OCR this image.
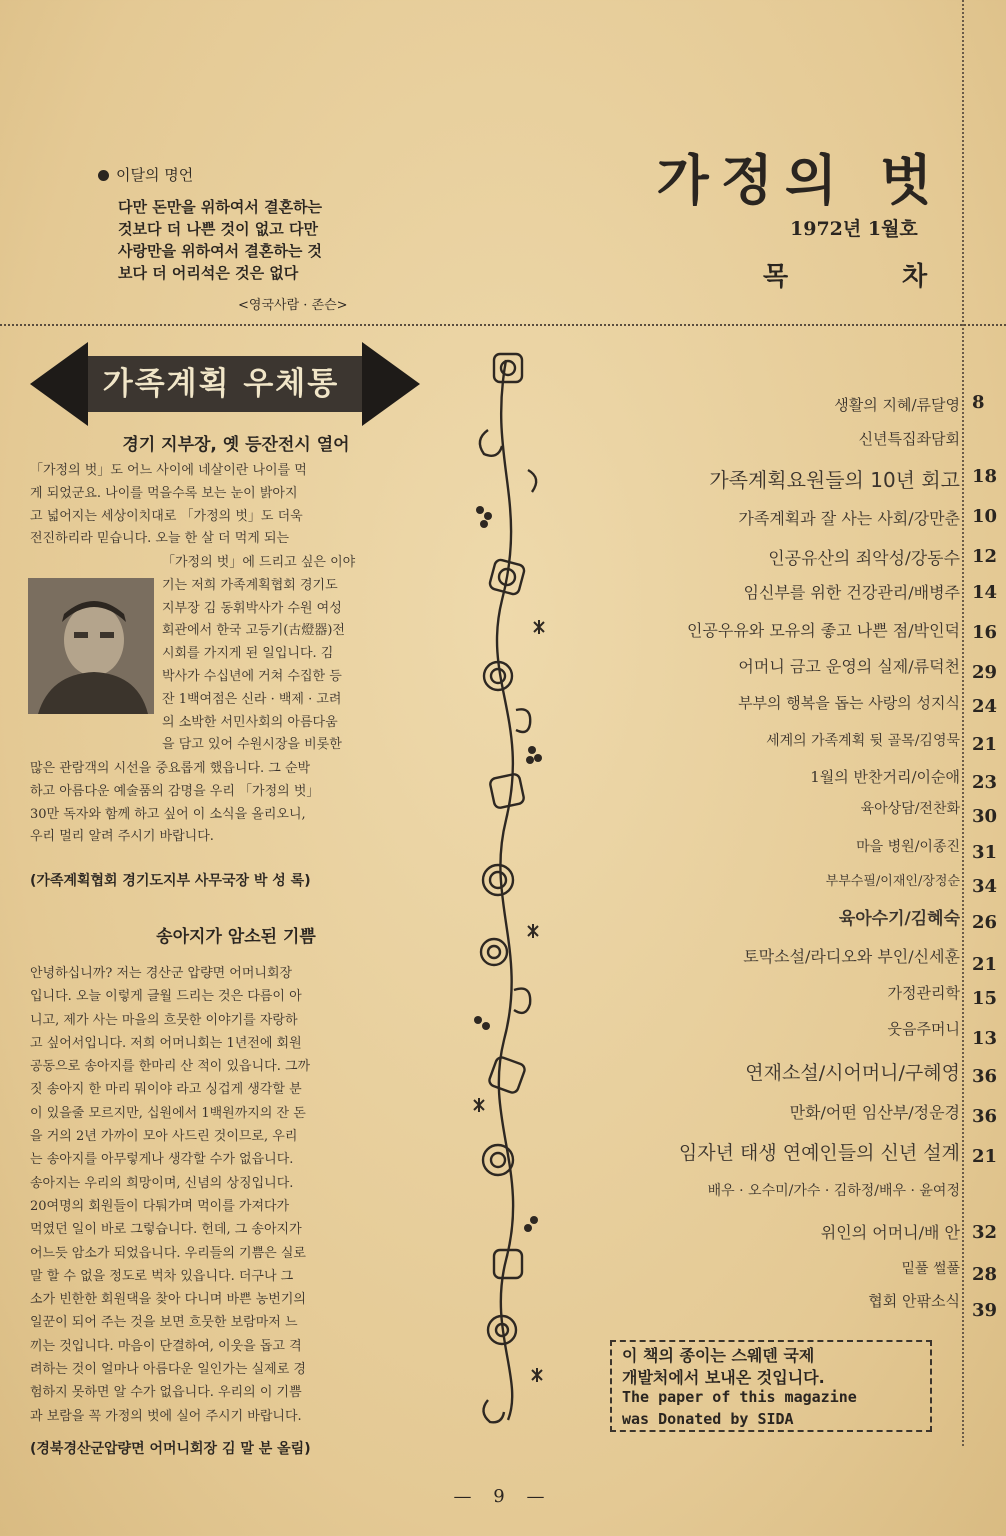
이달의 명언
다만 돈만을 위하여서 결혼하는
것보다 더 나쁜 것이 없고 다만
사랑만을 위하여서 결혼하는 것
보다 더 어리석은 것은 없다
<영국사람 · 존슨>
가정의 벗
1972년 1월호
목	차
가족계획 우체통
경기 지부장, 옛 등잔전시 열어
「가정의 벗」도 어느 사이에 네살이란 나이를 먹
게 되었군요. 나이를 먹을수록 보는 눈이 밝아지
고 넓어지는 세상이치대로 「가정의 벗」도 더욱
전진하리라 믿습니다. 오늘 한 살 더 먹게 되는
「가정의 벗」에 드리고 싶은 이야
기는 저희 가족계획협회 경기도
지부장 김 동휘박사가 수원 여성
회관에서 한국 고등기(古燈器)전
시회를 가지게 된 일입니다. 김
박사가 수십년에 거쳐 수집한 등
잔 1백여점은 신라 · 백제 · 고려
의 소박한 서민사회의 아름다움
을 담고 있어 수원시장을 비롯한
많은 관람객의 시선을 중요롭게 했읍니다. 그 순박
하고 아름다운 예술품의 감명을 우리 「가정의 벗」
30만 독자와 함께 하고 싶어 이 소식을 올리오니,
우리 멀리 알려 주시기 바랍니다.
(가족계획협회 경기도지부 사무국장 박 성 록)
송아지가 암소된 기쁨
안녕하십니까? 저는 경산군 압량면 어머니회장
입니다. 오늘 이렇게 글월 드리는 것은 다름이 아
니고, 제가 사는 마을의 흐뭇한 이야기를 자랑하
고 싶어서입니다. 저희 어머니회는 1년전에 회원
공동으로 송아지를 한마리 산 적이 있읍니다. 그까
짓 송아지 한 마리 뭐이야 라고 싱겁게 생각할 분
이 있을줄 모르지만, 십원에서 1백원까지의 잔 돈
을 거의 2년 가까이 모아 사드린 것이므로, 우리
는 송아지를 아무렇게나 생각할 수가 없읍니다.
송아지는 우리의 희망이며, 신념의 상징입니다.
20여명의 회원들이 다퉈가며 먹이를 가져다가
먹였던 일이 바로 그렇습니다. 헌데, 그 송아지가
어느듯 암소가 되었읍니다. 우리들의 기쁨은 실로
말 할 수 없을 정도로 벅차 있읍니다. 더구나 그
소가 빈한한 회원댁을 찾아 다니며 바쁜 농번기의
일꾼이 되어 주는 것을 보면 흐뭇한 보람마저 느
끼는 것입니다. 마음이 단결하여, 이웃을 돕고 격
려하는 것이 얼마나 아름다운 일인가는 실제로 경
험하지 못하면 알 수가 없읍니다. 우리의 이 기쁨
과 보람을 꼭 가정의 벗에 실어 주시기 바랍니다.
(경북경산군압량면 어머니회장 김 말 분 올림)
생활의 지혜/류달영 8
신년특집좌담회
가족계획요원들의 10년 회고 18
가족계획과 잘 사는 사회/강만춘 10
인공유산의 죄악성/강동수 12
임신부를 위한 건강관리/배병주 14
인공우유와 모유의 좋고 나쁜 점/박인덕 16
어머니 금고 운영의 실제/류덕천 29
부부의 행복을 돕는 사랑의 성지식 24
세계의 가족계획 뒷 골목/김영묵 21
1월의 반찬거리/이순애 23
육아상담/전찬화 30
마을 병원/이종진 31
부부수필/이재인/장정순 34
육아수기/김혜숙 26
토막소설/라디오와 부인/신세훈 21
가정관리학 15
웃음주머니 13
연재소설/시어머니/구혜영 36
만화/어떤 임산부/정운경 36
임자년 태생 연예인들의 신년 설계 21
배우 · 오수미/가수 · 김하정/배우 · 윤여정
위인의 어머니/배 안 32
밑풀 썰풀 28
협회 안팎소식 39
이 책의 종이는 스웨덴 국제
개발처에서 보내온 것입니다.
The paper of this magazine
was Donated by SIDA
— 9 —
